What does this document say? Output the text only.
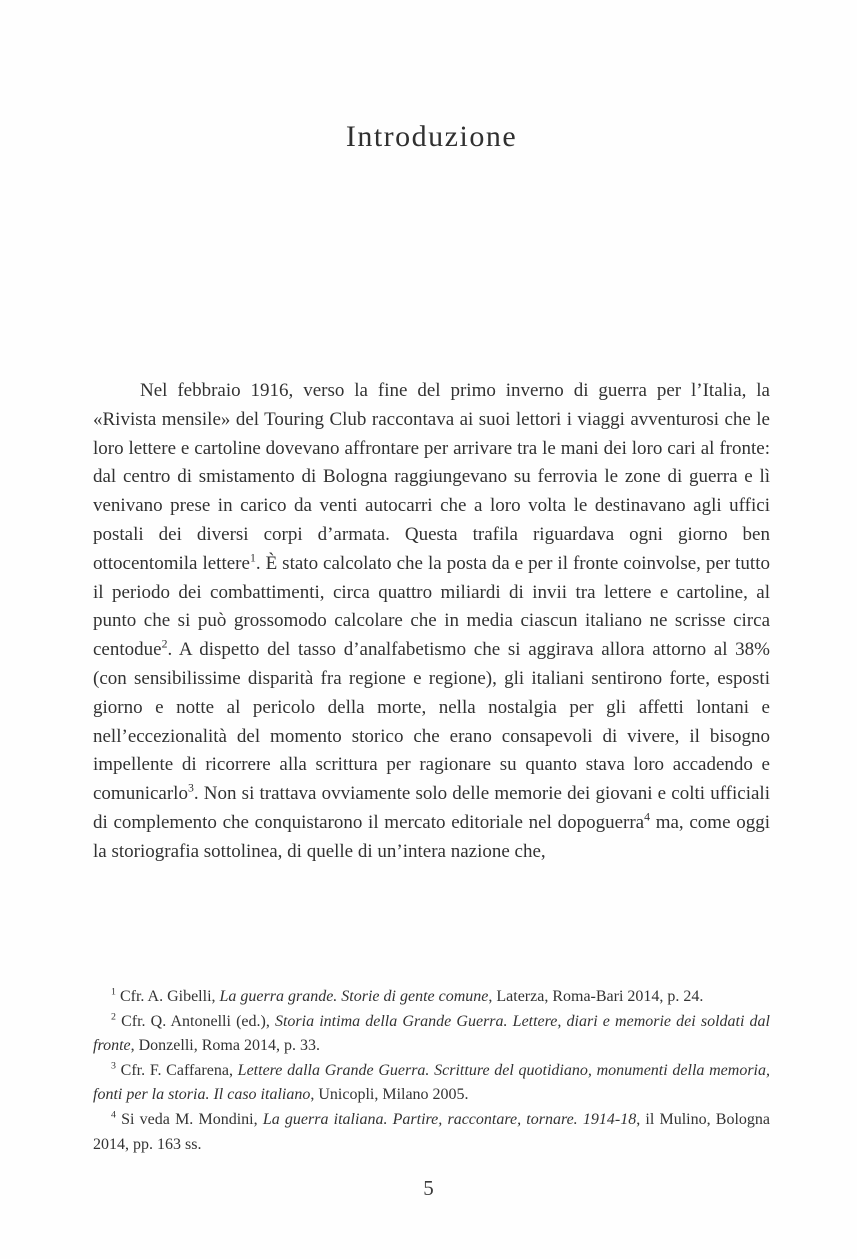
Introduzione

Nel febbraio 1916, verso la fine del primo inverno di guerra per l’Italia, la «Rivista mensile» del Touring Club raccontava ai suoi lettori i viaggi avventurosi che le loro lettere e cartoline dovevano affrontare per arrivare tra le mani dei loro cari al fronte: dal centro di smistamento di Bologna raggiungevano su ferrovia le zone di guerra e lì venivano prese in carico da venti autocarri che a loro volta le destinavano agli uffici postali dei diversi corpi d’armata. Questa trafila riguardava ogni giorno ben ottocentomila lettere$^1$. È stato calcolato che la posta da e per il fronte coinvolse, per tutto il periodo dei combattimenti, circa quattro miliardi di invii tra lettere e cartoline, al punto che si può grossomodo calcolare che in media ciascun italiano ne scrisse circa centodue$^2$. A dispetto del tasso d’analfabetismo che si aggirava allora attorno al 38% (con sensibilissime disparità fra regione e regione), gli italiani sentirono forte, esposti giorno e notte al pericolo della morte, nella nostalgia per gli affetti lontani e nell’eccezionalità del momento storico che erano consapevoli di vivere, il bisogno impellente di ricorrere alla scrittura per ragionare su quanto stava loro accadendo e comunicarlo$^3$. Non si trattava ovviamente solo delle memorie dei giovani e colti ufficiali di complemento che conquistarono il mercato editoriale nel dopoguerra$^4$ ma, come oggi la storiografia sottolinea, di quelle di un’intera nazione che,

$^1$ Cfr. A. Gibelli, La guerra grande. Storie di gente comune, Laterza, Roma-Bari 2014, p. 24.

$^2$ Cfr. Q. Antonelli (ed.), Storia intima della Grande Guerra. Lettere, diari e memorie dei soldati dal fronte, Donzelli, Roma 2014, p. 33.

$^3$ Cfr. F. Caffarena, Lettere dalla Grande Guerra. Scritture del quotidiano, monumenti della memoria, fonti per la storia. Il caso italiano, Unicopli, Milano 2005.

$^4$ Si veda M. Mondini, La guerra italiana. Partire, raccontare, tornare. 1914-18, il Mulino, Bologna 2014, pp. 163 ss.

5
